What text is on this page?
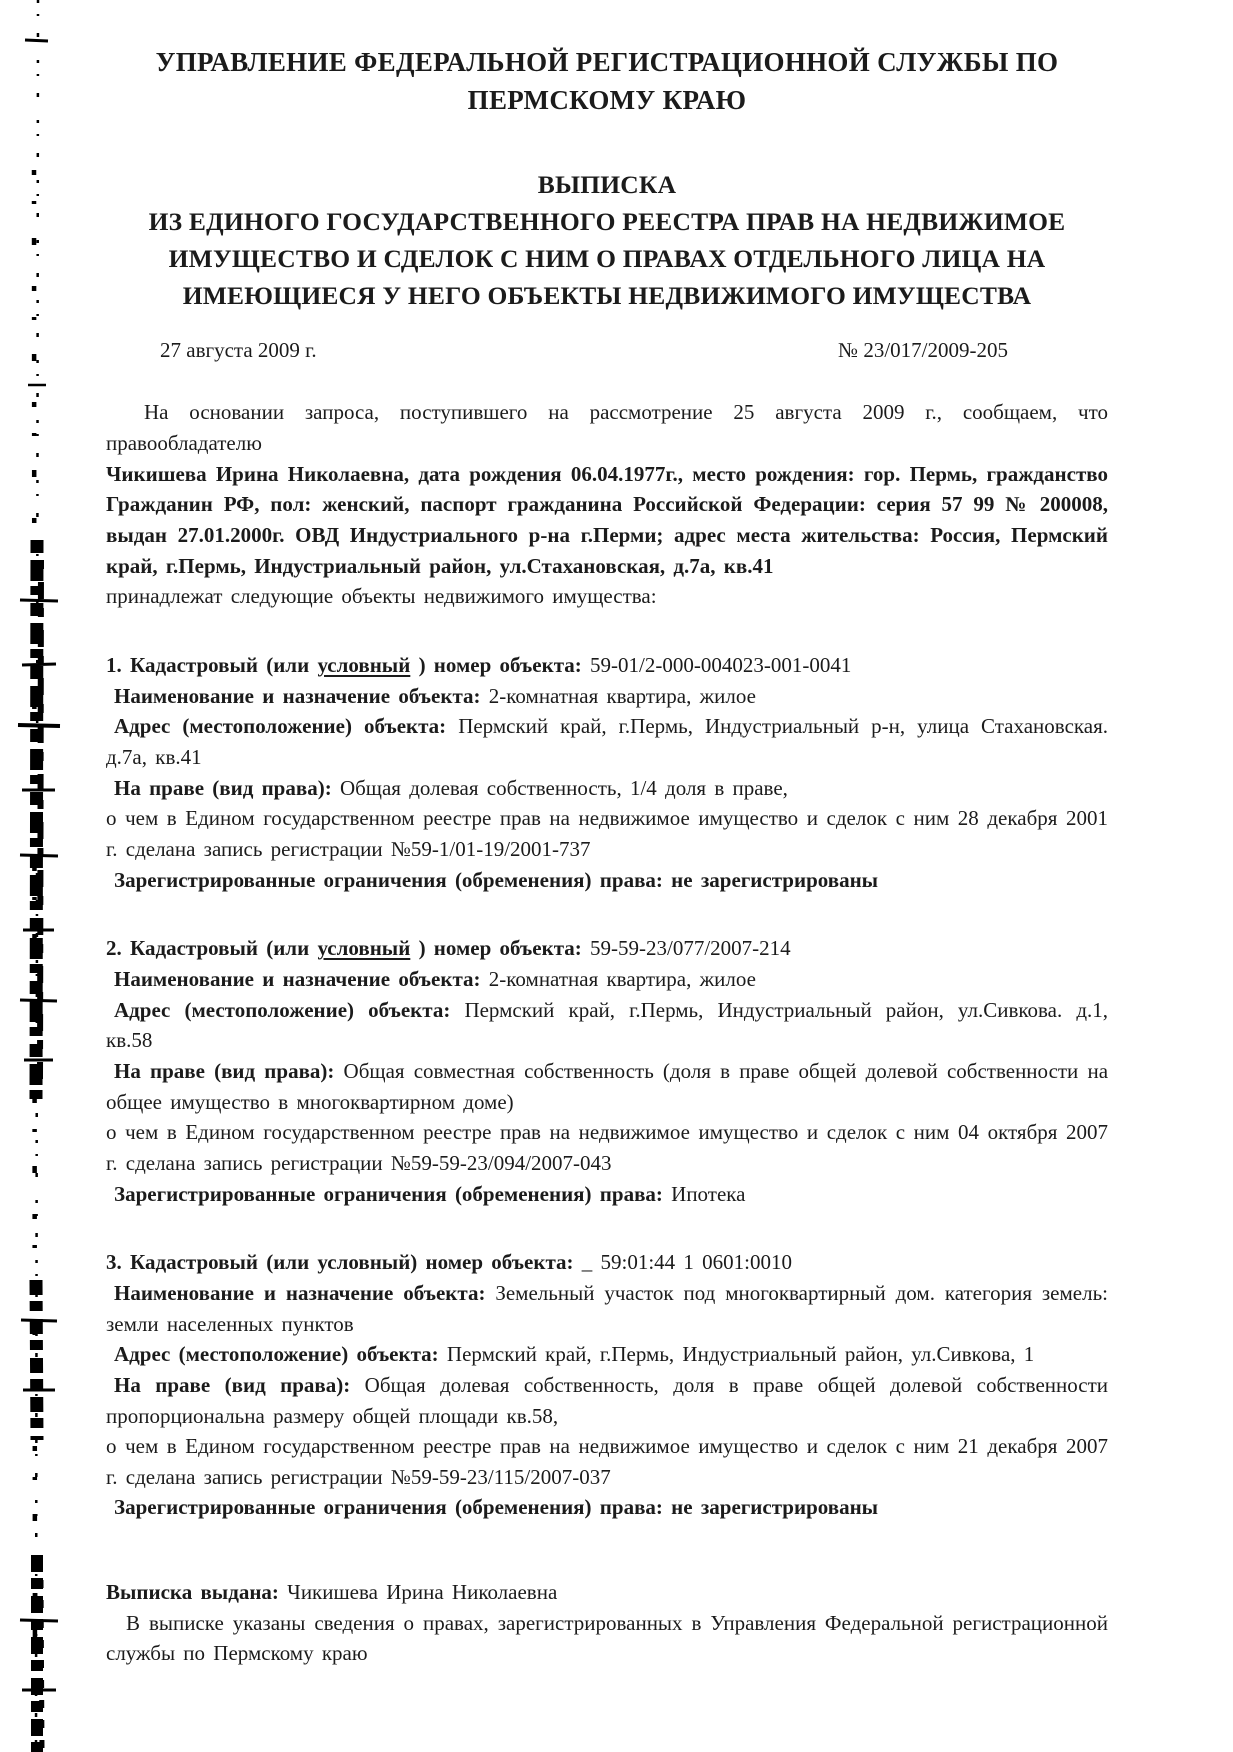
УПРАВЛЕНИЕ ФЕДЕРАЛЬНОЙ РЕГИСТРАЦИОННОЙ СЛУЖБЫ ПО ПЕРМСКОМУ КРАЮ
ВЫПИСКА
ИЗ ЕДИНОГО ГОСУДАРСТВЕННОГО РЕЕСТРА ПРАВ НА НЕДВИЖИМОЕ ИМУЩЕСТВО И СДЕЛОК С НИМ О ПРАВАХ ОТДЕЛЬНОГО ЛИЦА НА ИМЕЮЩИЕСЯ У НЕГО ОБЪЕКТЫ НЕДВИЖИМОГО ИМУЩЕСТВА
27 августа 2009 г.	№ 23/017/2009-205

На основании запроса, поступившего на рассмотрение 25 августа 2009 г., сообщаем, что правообладателю

Чикишева Ирина Николаевна, дата рождения 06.04.1977г., место рождения: гор. Пермь, гражданство Гражданин РФ, пол: женский, паспорт гражданина Российской Федерации: серия 57 99 № 200008, выдан 27.01.2000г. ОВД Индустриального р-на г.Перми; адрес места жительства: Россия, Пермский край, г.Пермь, Индустриальный район, ул.Стахановская, д.7а, кв.41

принадлежат следующие объекты недвижимого имущества:

1. Кадастровый (или условный ) номер объекта: 59-01/2-000-004023-001-0041

Наименование и назначение объекта: 2-комнатная квартира, жилое

Адрес (местоположение) объекта: Пермский край, г.Пермь, Индустриальный р-н, улица Стахановская. д.7а, кв.41

На праве (вид права): Общая долевая собственность, 1/4 доля в праве,

о чем в Едином государственном реестре прав на недвижимое имущество и сделок с ним 28 декабря 2001 г. сделана запись регистрации №59-1/01-19/2001-737

Зарегистрированные ограничения (обременения) права: не зарегистрированы

2. Кадастровый (или условный ) номер объекта: 59-59-23/077/2007-214

Наименование и назначение объекта: 2-комнатная квартира, жилое

Адрес (местоположение) объекта: Пермский край, г.Пермь, Индустриальный район, ул.Сивкова. д.1, кв.58

На праве (вид права): Общая совместная собственность (доля в праве общей долевой собственности на общее имущество в многоквартирном доме)

о чем в Едином государственном реестре прав на недвижимое имущество и сделок с ним 04 октября 2007 г. сделана запись регистрации №59-59-23/094/2007-043

Зарегистрированные ограничения (обременения) права: Ипотека

3. Кадастровый (или условный) номер объекта: _ 59:01:44 1 0601:0010

Наименование и назначение объекта: Земельный участок под многоквартирный дом. категория земель: земли населенных пунктов

Адрес (местоположение) объекта: Пермский край, г.Пермь, Индустриальный район, ул.Сивкова, 1

На праве (вид права): Общая долевая собственность, доля в праве общей долевой собственности пропорциональна размеру общей площади кв.58,

о чем в Едином государственном реестре прав на недвижимое имущество и сделок с ним 21 декабря 2007 г. сделана запись регистрации №59-59-23/115/2007-037

Зарегистрированные ограничения (обременения) права: не зарегистрированы

Выписка выдана: Чикишева Ирина Николаевна

В выписке указаны сведения о правах, зарегистрированных в Управления Федеральной регистрационной службы по Пермскому краю
